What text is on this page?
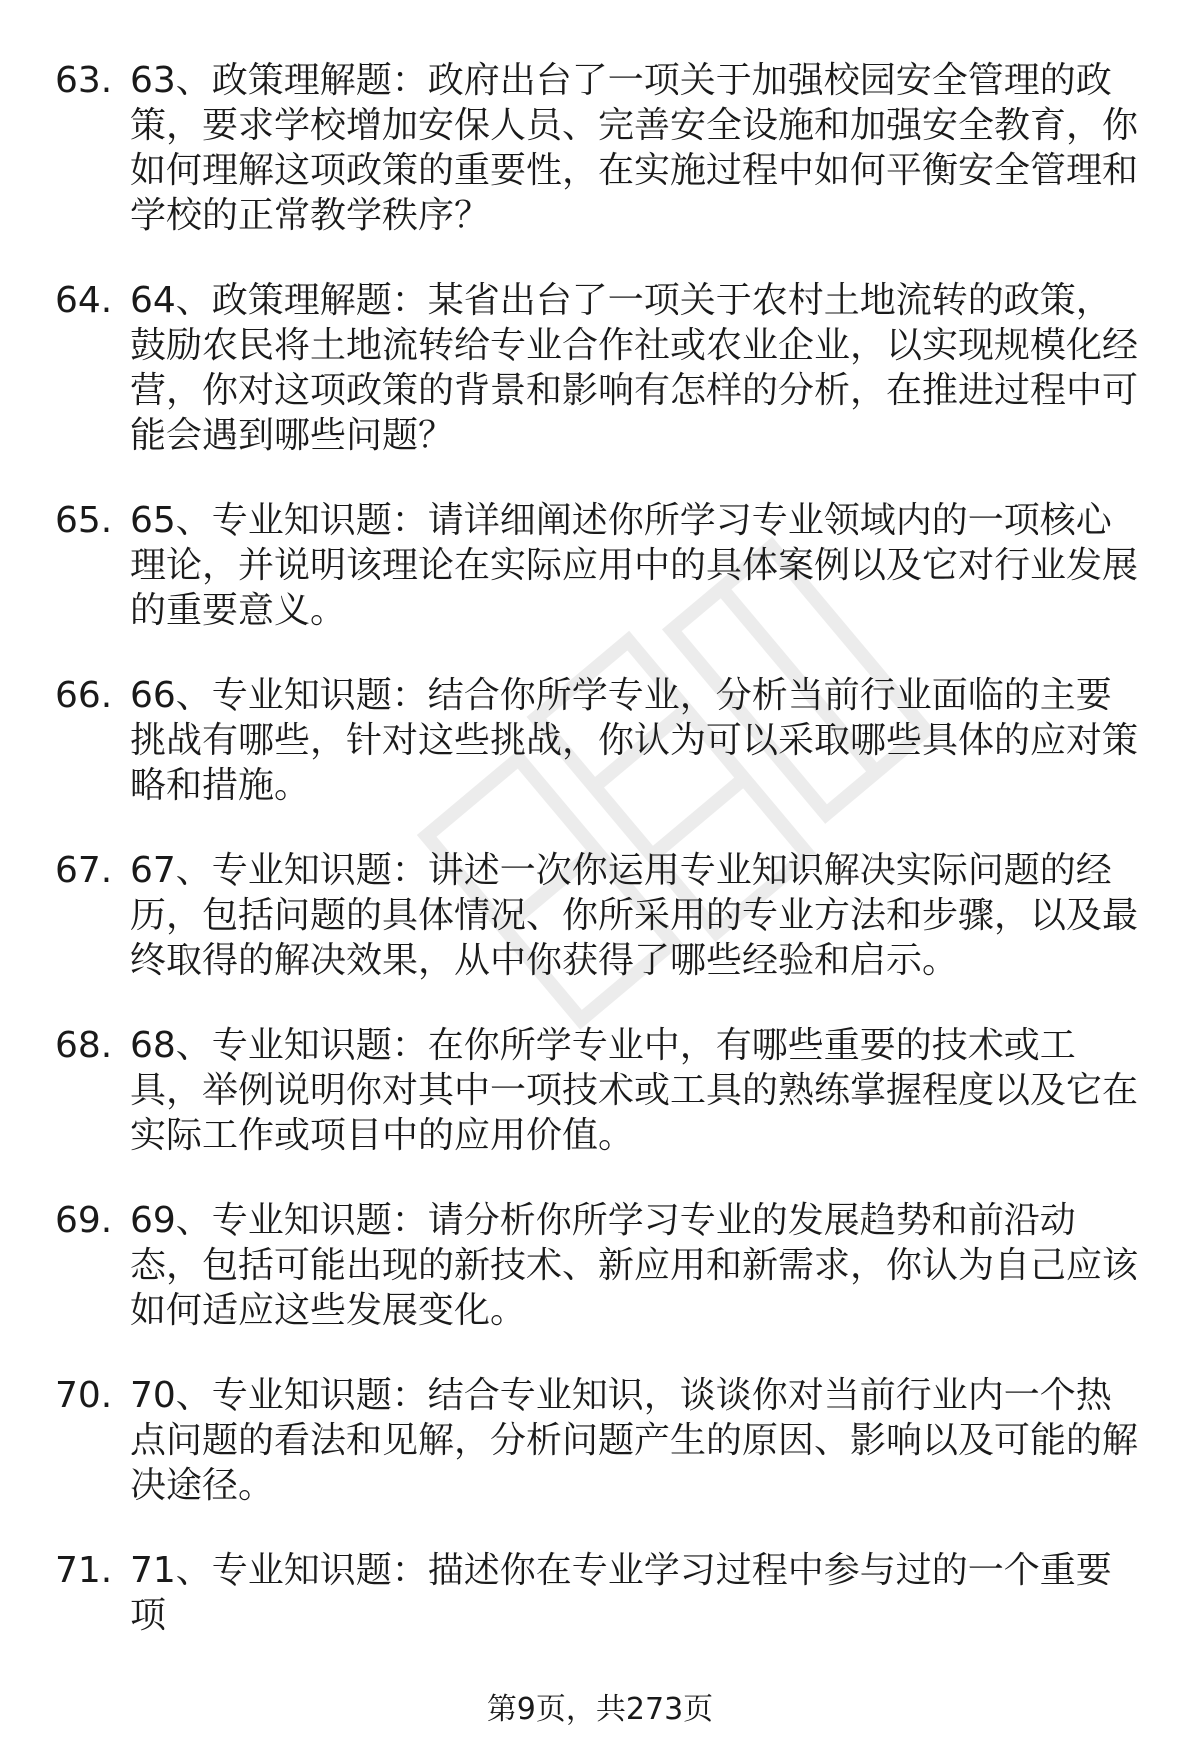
63. 63、政策理解题：政府出台了一项关于加强校园安全管理的政策，要求学校增加安保人员、完善安全设施和加强安全教育，你如何理解这项政策的重要性，在实施过程中如何平衡安全管理和学校的正常教学秩序？
64. 64、政策理解题：某省出台了一项关于农村土地流转的政策，鼓励农民将土地流转给专业合作社或农业企业，以实现规模化经营，你对这项政策的背景和影响有怎样的分析，在推进过程中可能会遇到哪些问题？
65. 65、专业知识题：请详细阐述你所学习专业领域内的一项核心理论，并说明该理论在实际应用中的具体案例以及它对行业发展的重要意义。
66. 66、专业知识题：结合你所学专业，分析当前行业面临的主要挑战有哪些，针对这些挑战，你认为可以采取哪些具体的应对策略和措施。
67. 67、专业知识题：讲述一次你运用专业知识解决实际问题的经历，包括问题的具体情况、你所采用的专业方法和步骤，以及最终取得的解决效果，从中你获得了哪些经验和启示。
68. 68、专业知识题：在你所学专业中，有哪些重要的技术或工具，举例说明你对其中一项技术或工具的熟练掌握程度以及它在实际工作或项目中的应用价值。
69. 69、专业知识题：请分析你所学习专业的发展趋势和前沿动态，包括可能出现的新技术、新应用和新需求，你认为自己应该如何适应这些发展变化。
70. 70、专业知识题：结合专业知识，谈谈你对当前行业内一个热点问题的看法和见解，分析问题产生的原因、影响以及可能的解决途径。
71. 71、专业知识题：描述你在专业学习过程中参与过的一个重要项
第9页，共273页
